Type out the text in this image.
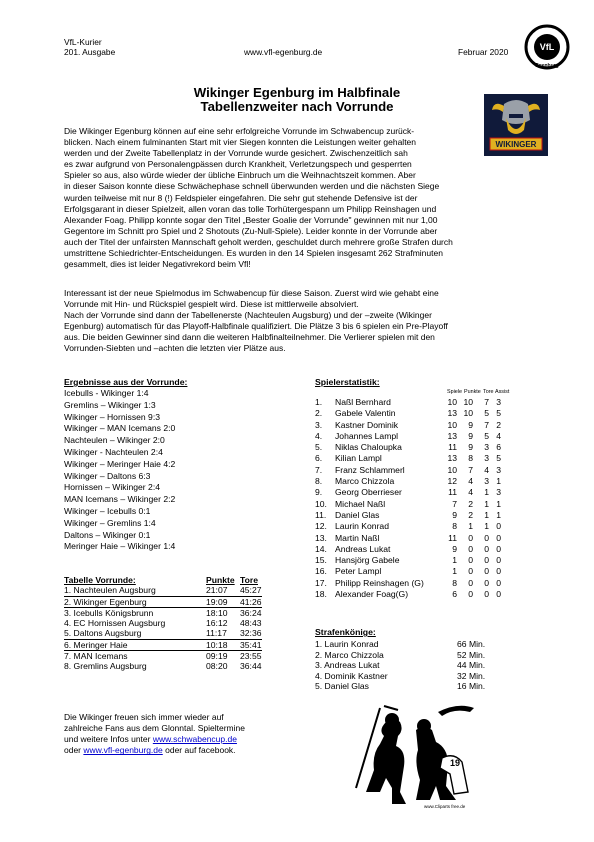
VfL-Kurier
201. Ausgabe	www.vfl-egenburg.de	Februar 2020	VfL
Egenburg
Wikinger Egenburg im Halbfinale
Tabellenzweiter nach Vorrunde
WIKINGER
Die Wikinger Egenburg können auf eine sehr erfolgreiche Vorrunde im Schwabencup zurück-
blicken. Nach einem fulminanten Start mit vier Siegen konnten die Leistungen weiter gehalten
werden und der Zweite Tabellenplatz in der Vorrunde wurde gesichert. Zwischenzeitlich sah
es zwar aufgrund von Personalengpässen durch Krankheit, Verletzungspech und gesperrten
Spieler so aus, also würde wieder der übliche Einbruch um die Weihnachtszeit kommen. Aber
in dieser Saison konnte diese Schwächephase schnell überwunden werden und die nächsten Siege
wurden teilweise mit nur 8 (!) Feldspieler eingefahren. Die sehr gut stehende Defensive ist der
Erfolgsgarant in dieser Spielzeit, allen voran das tolle Torhütergespann um Philipp Reinshagen und
Alexander Foag. Philipp konnte sogar den Titel „Bester Goalie der Vorrunde" gewinnen mit nur 1,00
Gegentore im Schnitt pro Spiel und 2 Shotouts (Zu-Null-Spiele). Leider konnte in der Vorrunde aber
auch der Titel der unfairsten Mannschaft geholt werden, geschuldet durch mehrere große Strafen durch
umstrittene Schiedrichter-Entscheidungen. Es wurden in den 14 Spielen insgesamt 262 Strafminuten
gesammelt, dies ist leider Negativrekord beim Vfl!
Interessant ist der neue Spielmodus im Schwabencup für diese Saison. Zuerst wird wie gehabt eine
Vorrunde mit Hin- und Rückspiel gespielt wird. Diese ist mittlerweile absolviert.
Nach der Vorrunde sind dann der Tabellenerste (Nachteulen Augsburg) und der –zweite (Wikinger
Egenburg) automatisch für das Playoff-Halbfinale qualifiziert. Die Plätze 3 bis 6 spielen ein Pre-Playoff
aus. Die beiden Gewinner sind dann die weiteren Halbfinalteilnehmer. Die Verlierer spielen mit den
Vorrunden-Siebten und –achten die letzten vier Plätze aus.
Ergebnisse aus der Vorrunde:
Icebulls - Wikinger 1:4
Gremlins – Wikinger 1:3
Wikinger – Hornissen 9:3
Wikinger – MAN Icemans 2:0
Nachteulen – Wikinger 2:0
Wikinger - Nachteulen 2:4
Wikinger – Meringer Haie 4:2
Wikinger – Daltons 6:3
Hornissen – Wikinger 2:4
MAN Icemans – Wikinger 2:2
Wikinger – Icebulls 0:1
Wikinger – Gremlins 1:4
Daltons – Wikinger 0:1
Meringer Haie – Wikinger 1:4
Tabelle Vorrunde:	Punkte	Tore
1. Nachteulen Augsburg	21:07	45:27
2. Wikinger Egenburg	19:09	41:26
3. Icebulls Königsbrunn	18:10	36:24
4. EC Hornissen Augsburg	16:12	48:43
5. Daltons Augsburg	11:17	32:36
6. Meringer Haie	10:18	35:41
7. MAN Icemans	09:19	23:55
8. Gremlins Augsburg	08:20	36:44
Spielerstatistik:
Spiele Punkte Tore Assist
1.	Naßl Bernhard	10	10	7	3
2.	Gabele Valentin	13	10	5	5
3.	Kastner Dominik	10	9	7	2
4.	Johannes Lampl	13	9	5	4
5.	Niklas Chaloupka	11	9	3	6
6.	Kilian Lampl	13	8	3	5
7.	Franz Schlammerl	10	7	4	3
8.	Marco Chizzola	12	4	3	1
9.	Georg Oberrieser	11	4	1	3
10.	Michael Naßl	7	2	1	1
11.	Daniel Glas	9	2	1	1
12.	Laurin Konrad	8	1	1	0
13.	Martin Naßl	11	0	0	0
14.	Andreas Lukat	9	0	0	0
15.	Hansjörg Gabele	1	0	0	0
16.	Peter Lampl	1	0	0	0
17.	Philipp Reinshagen (G)	8	0	0	0
18.	Alexander Foag(G)	6	0	0	0
Strafenkönige:
1. Laurin Konrad	66 Min.
2. Marco Chizzola	52 Min.
3. Andreas Lukat	44 Min.
4. Dominik Kastner	32 Min.
5. Daniel Glas	16 Min.
Die Wikinger freuen sich immer wieder auf
zahlreiche Fans aus dem Glonntal. Spieltermine
und weitere Infos unter www.schwabencup.de
oder www.vfl-egenburg.de oder auf facebook.
19
www.Cliparts free.de
